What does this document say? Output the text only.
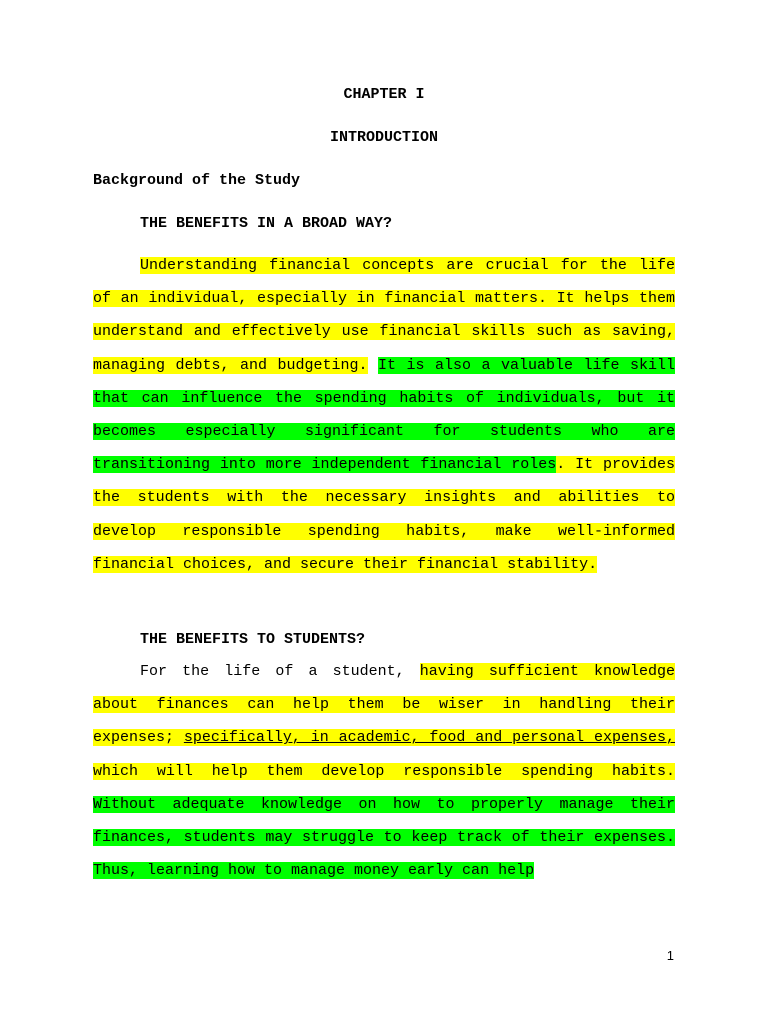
CHAPTER I
INTRODUCTION
Background of the Study
THE BENEFITS IN A BROAD WAY?

Understanding financial concepts are crucial for the life of an individual, especially in financial matters. It helps them understand and effectively use financial skills such as saving, managing debts, and budgeting. It is also a valuable life skill that can influence the spending habits of individuals, but it becomes especially significant for students who are transitioning into more independent financial roles. It provides the students with the necessary insights and abilities to develop responsible spending habits, make well-informed financial choices, and secure their financial stability.

THE BENEFITS TO STUDENTS?

For the life of a student, having sufficient knowledge about finances can help them be wiser in handling their expenses; specifically, in academic, food and personal expenses, which will help them develop responsible spending habits. Without adequate knowledge on how to properly manage their finances, students may struggle to keep track of their expenses. Thus, learning how to manage money early can help

1
